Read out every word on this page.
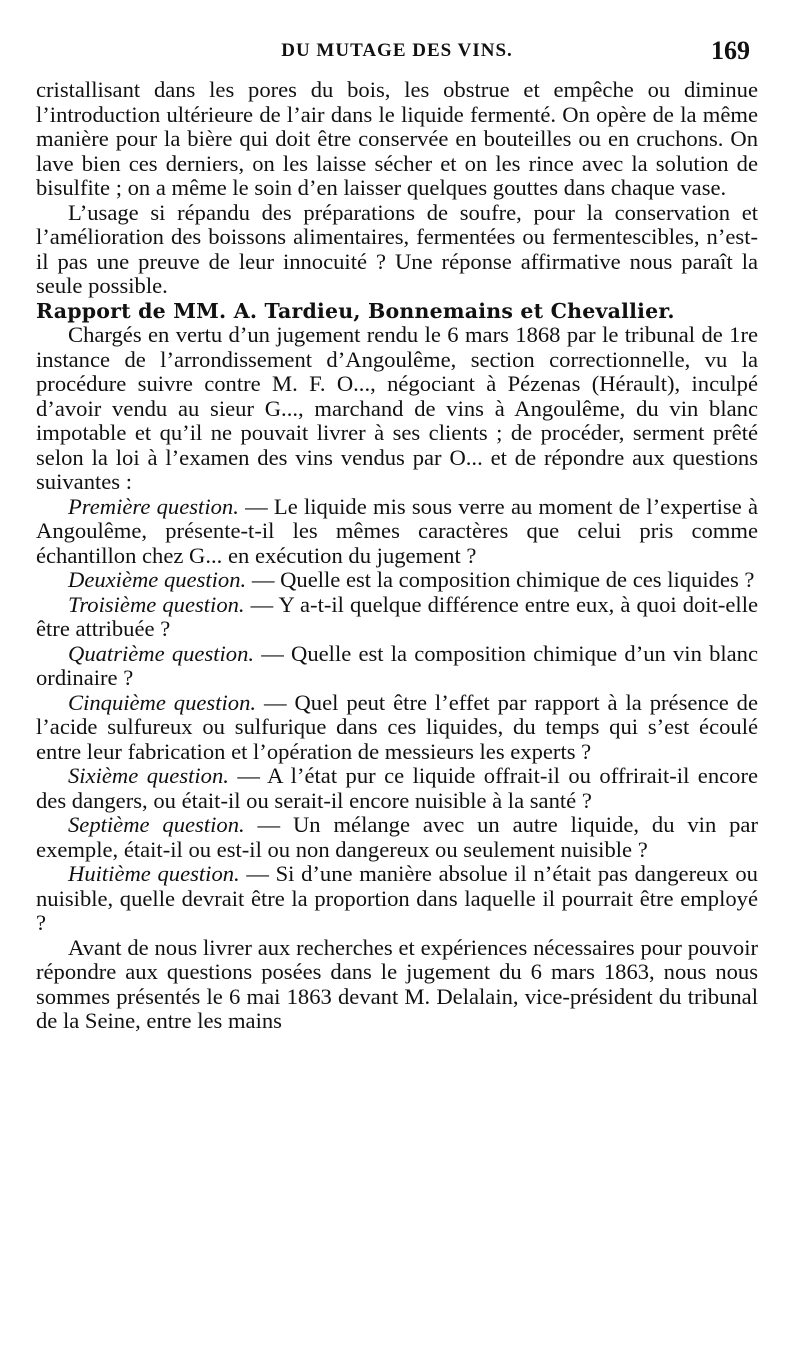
DU MUTAGE DES VINS.	169

cristallisant dans les pores du bois, les obstrue et empêche ou diminue l’introduction ultérieure de l’air dans le liquide fermenté. On opère de la même manière pour la bière qui doit être conservée en bouteilles ou en cruchons. On lave bien ces derniers, on les laisse sécher et on les rince avec la solution de bisulfite ; on a même le soin d’en laisser quelques gouttes dans chaque vase.

L’usage si répandu des préparations de soufre, pour la conservation et l’amélioration des boissons alimentaires, fermentées ou fermentescibles, n’est-il pas une preuve de leur innocuité ? Une réponse affirmative nous paraît la seule possible.

Rapport de MM. A. Tardieu, Bonnemains et Chevallier.

Chargés en vertu d’un jugement rendu le 6 mars 1868 par le tribunal de 1re instance de l’arrondissement d’Angoulême, section correctionnelle, vu la procédure suivre contre M. F. O..., négociant à Pézenas (Hérault), inculpé d’avoir vendu au sieur G..., marchand de vins à Angoulême, du vin blanc impotable et qu’il ne pouvait livrer à ses clients ; de procéder, serment prêté selon la loi à l’examen des vins vendus par O... et de répondre aux questions suivantes :

Première question. — Le liquide mis sous verre au moment de l’expertise à Angoulême, présente-t-il les mêmes caractères que celui pris comme échantillon chez G... en exécution du jugement ?

Deuxième question. — Quelle est la composition chimique de ces liquides ?

Troisième question. — Y a-t-il quelque différence entre eux, à quoi doit-elle être attribuée ?

Quatrième question. — Quelle est la composition chimique d’un vin blanc ordinaire ?

Cinquième question. — Quel peut être l’effet par rapport à la présence de l’acide sulfureux ou sulfurique dans ces liquides, du temps qui s’est écoulé entre leur fabrication et l’opération de messieurs les experts ?

Sixième question. — A l’état pur ce liquide offrait-il ou offrirait-il encore des dangers, ou était-il ou serait-il encore nuisible à la santé ?

Septième question. — Un mélange avec un autre liquide, du vin par exemple, était-il ou est-il ou non dangereux ou seulement nuisible ?

Huitième question. — Si d’une manière absolue il n’était pas dangereux ou nuisible, quelle devrait être la proportion dans laquelle il pourrait être employé ?

Avant de nous livrer aux recherches et expériences nécessaires pour pouvoir répondre aux questions posées dans le jugement du 6 mars 1863, nous nous sommes présentés le 6 mai 1863 devant M. Delalain, vice-président du tribunal de la Seine, entre les mains
